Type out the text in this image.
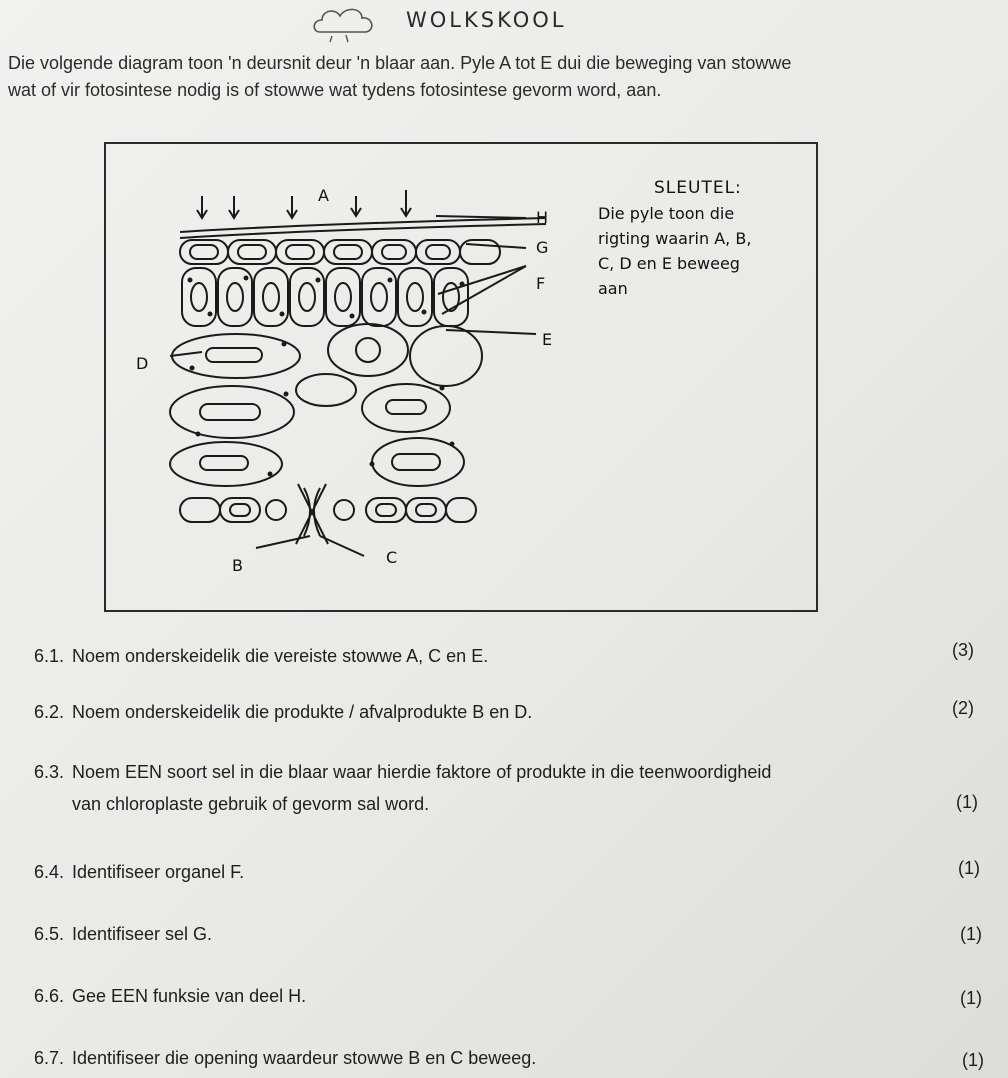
WOLKSKOOL
Die volgende diagram toon 'n deursnit deur 'n blaar aan. Pyle A tot E dui die beweging van stowwe
wat of vir fotosintese nodig is of stowwe wat tydens fotosintese gevorm word, aan.
A
H
G
F
E
D
B	C
SLEUTEL:
Die pyle toon die
rigting waarin A, B,
C, D en E beweeg
aan
6.1. Noem onderskeidelik die vereiste stowwe A, C en E.	(3)
6.2. Noem onderskeidelik die produkte / afvalprodukte B en D.	(2)
6.3. Noem EEN soort sel in die blaar waar hierdie faktore of produkte in die teenwoordigheid
van chloroplaste gebruik of gevorm sal word.	(1)
6.4. Identifiseer organel F.	(1)
6.5. Identifiseer sel G.	(1)
6.6. Gee EEN funksie van deel H.	(1)
6.7. Identifiseer die opening waardeur stowwe B en C beweeg.	(1)
